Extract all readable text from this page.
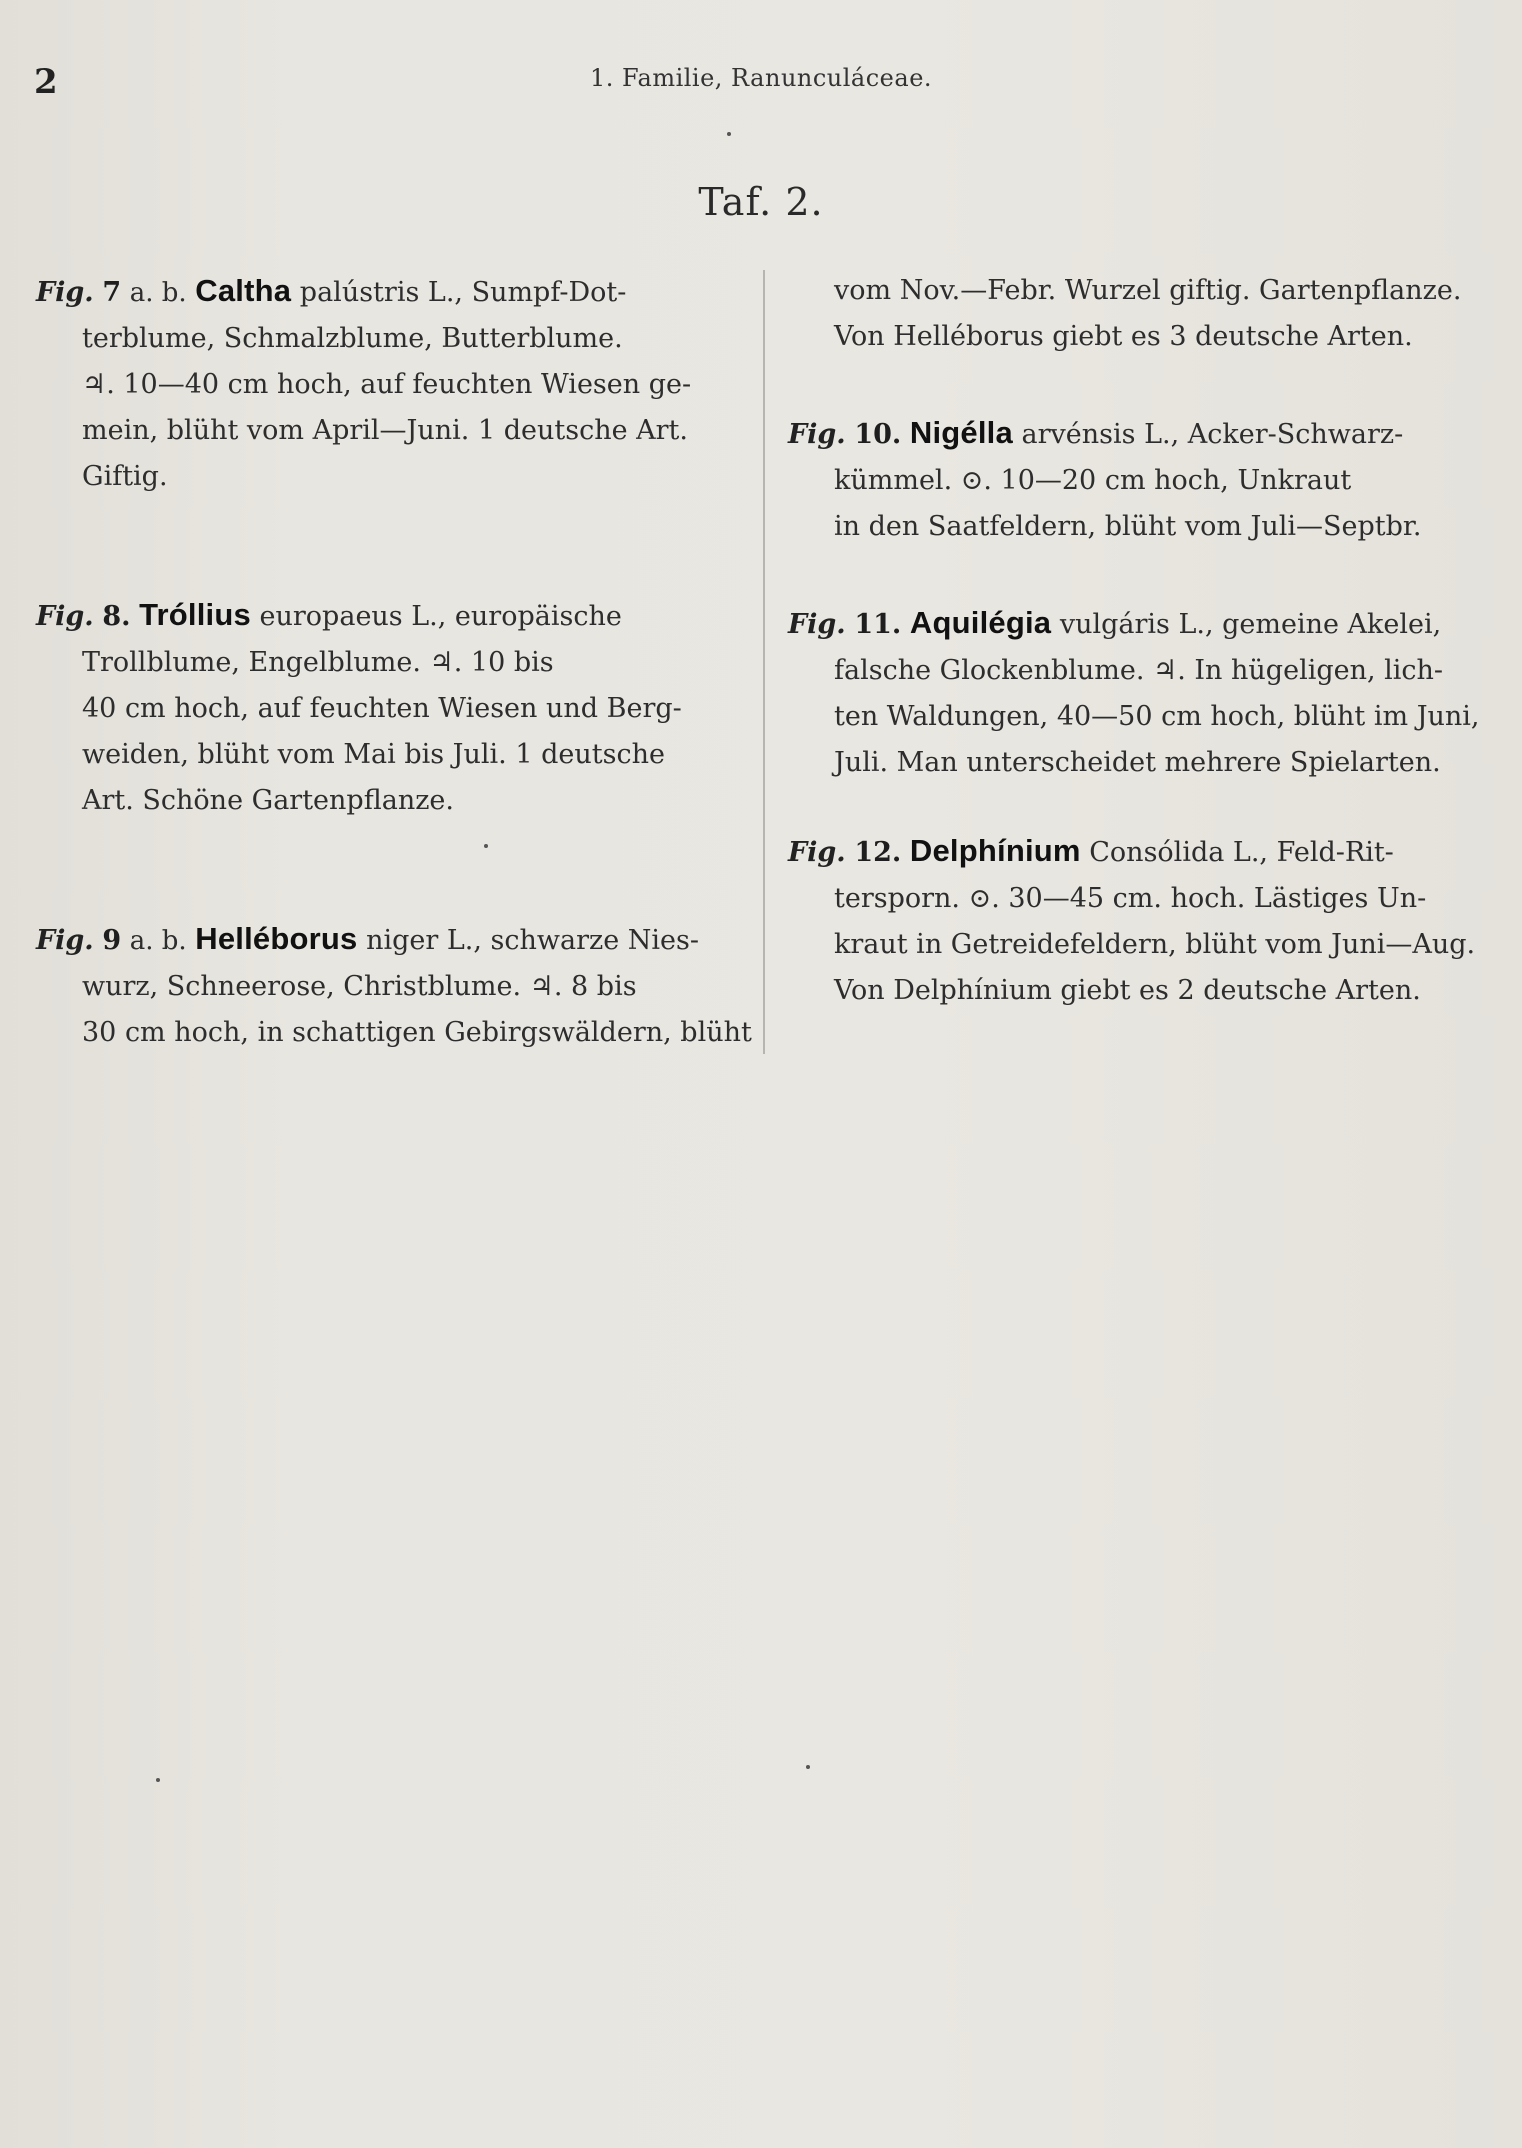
2	1. Familie, Ranunculáceae.
Taf. 2.
Fig. 7 a. b. Caltha palústris L., Sumpf-Dot-
terblume, Schmalzblume, Butterblume.
♃. 10—40 cm hoch, auf feuchten Wiesen ge-
mein, blüht vom April—Juni. 1 deutsche Art.
Giftig.
Fig. 8. Tróllius europaeus L., europäische
Trollblume, Engelblume. ♃. 10 bis
40 cm hoch, auf feuchten Wiesen und Berg-
weiden, blüht vom Mai bis Juli. 1 deutsche
Art. Schöne Gartenpflanze.
Fig. 9 a. b. Helléborus niger L., schwarze Nies-
wurz, Schneerose, Christblume. ♃. 8 bis
30 cm hoch, in schattigen Gebirgswäldern, blüht
vom Nov.—Febr. Wurzel giftig. Gartenpflanze.
Von Helléborus giebt es 3 deutsche Arten.
Fig. 10. Nigélla arvénsis L., Acker-Schwarz-
kümmel. ⊙. 10—20 cm hoch, Unkraut
in den Saatfeldern, blüht vom Juli—Septbr.
Fig. 11. Aquilégia vulgáris L., gemeine Akelei,
falsche Glockenblume. ♃. In hügeligen, lich-
ten Waldungen, 40—50 cm hoch, blüht im Juni,
Juli. Man unterscheidet mehrere Spielarten.
Fig. 12. Delphínium Consólida L., Feld-Rit-
tersporn. ⊙. 30—45 cm. hoch. Lästiges Un-
kraut in Getreidefeldern, blüht vom Juni—Aug.
Von Delphínium giebt es 2 deutsche Arten.
